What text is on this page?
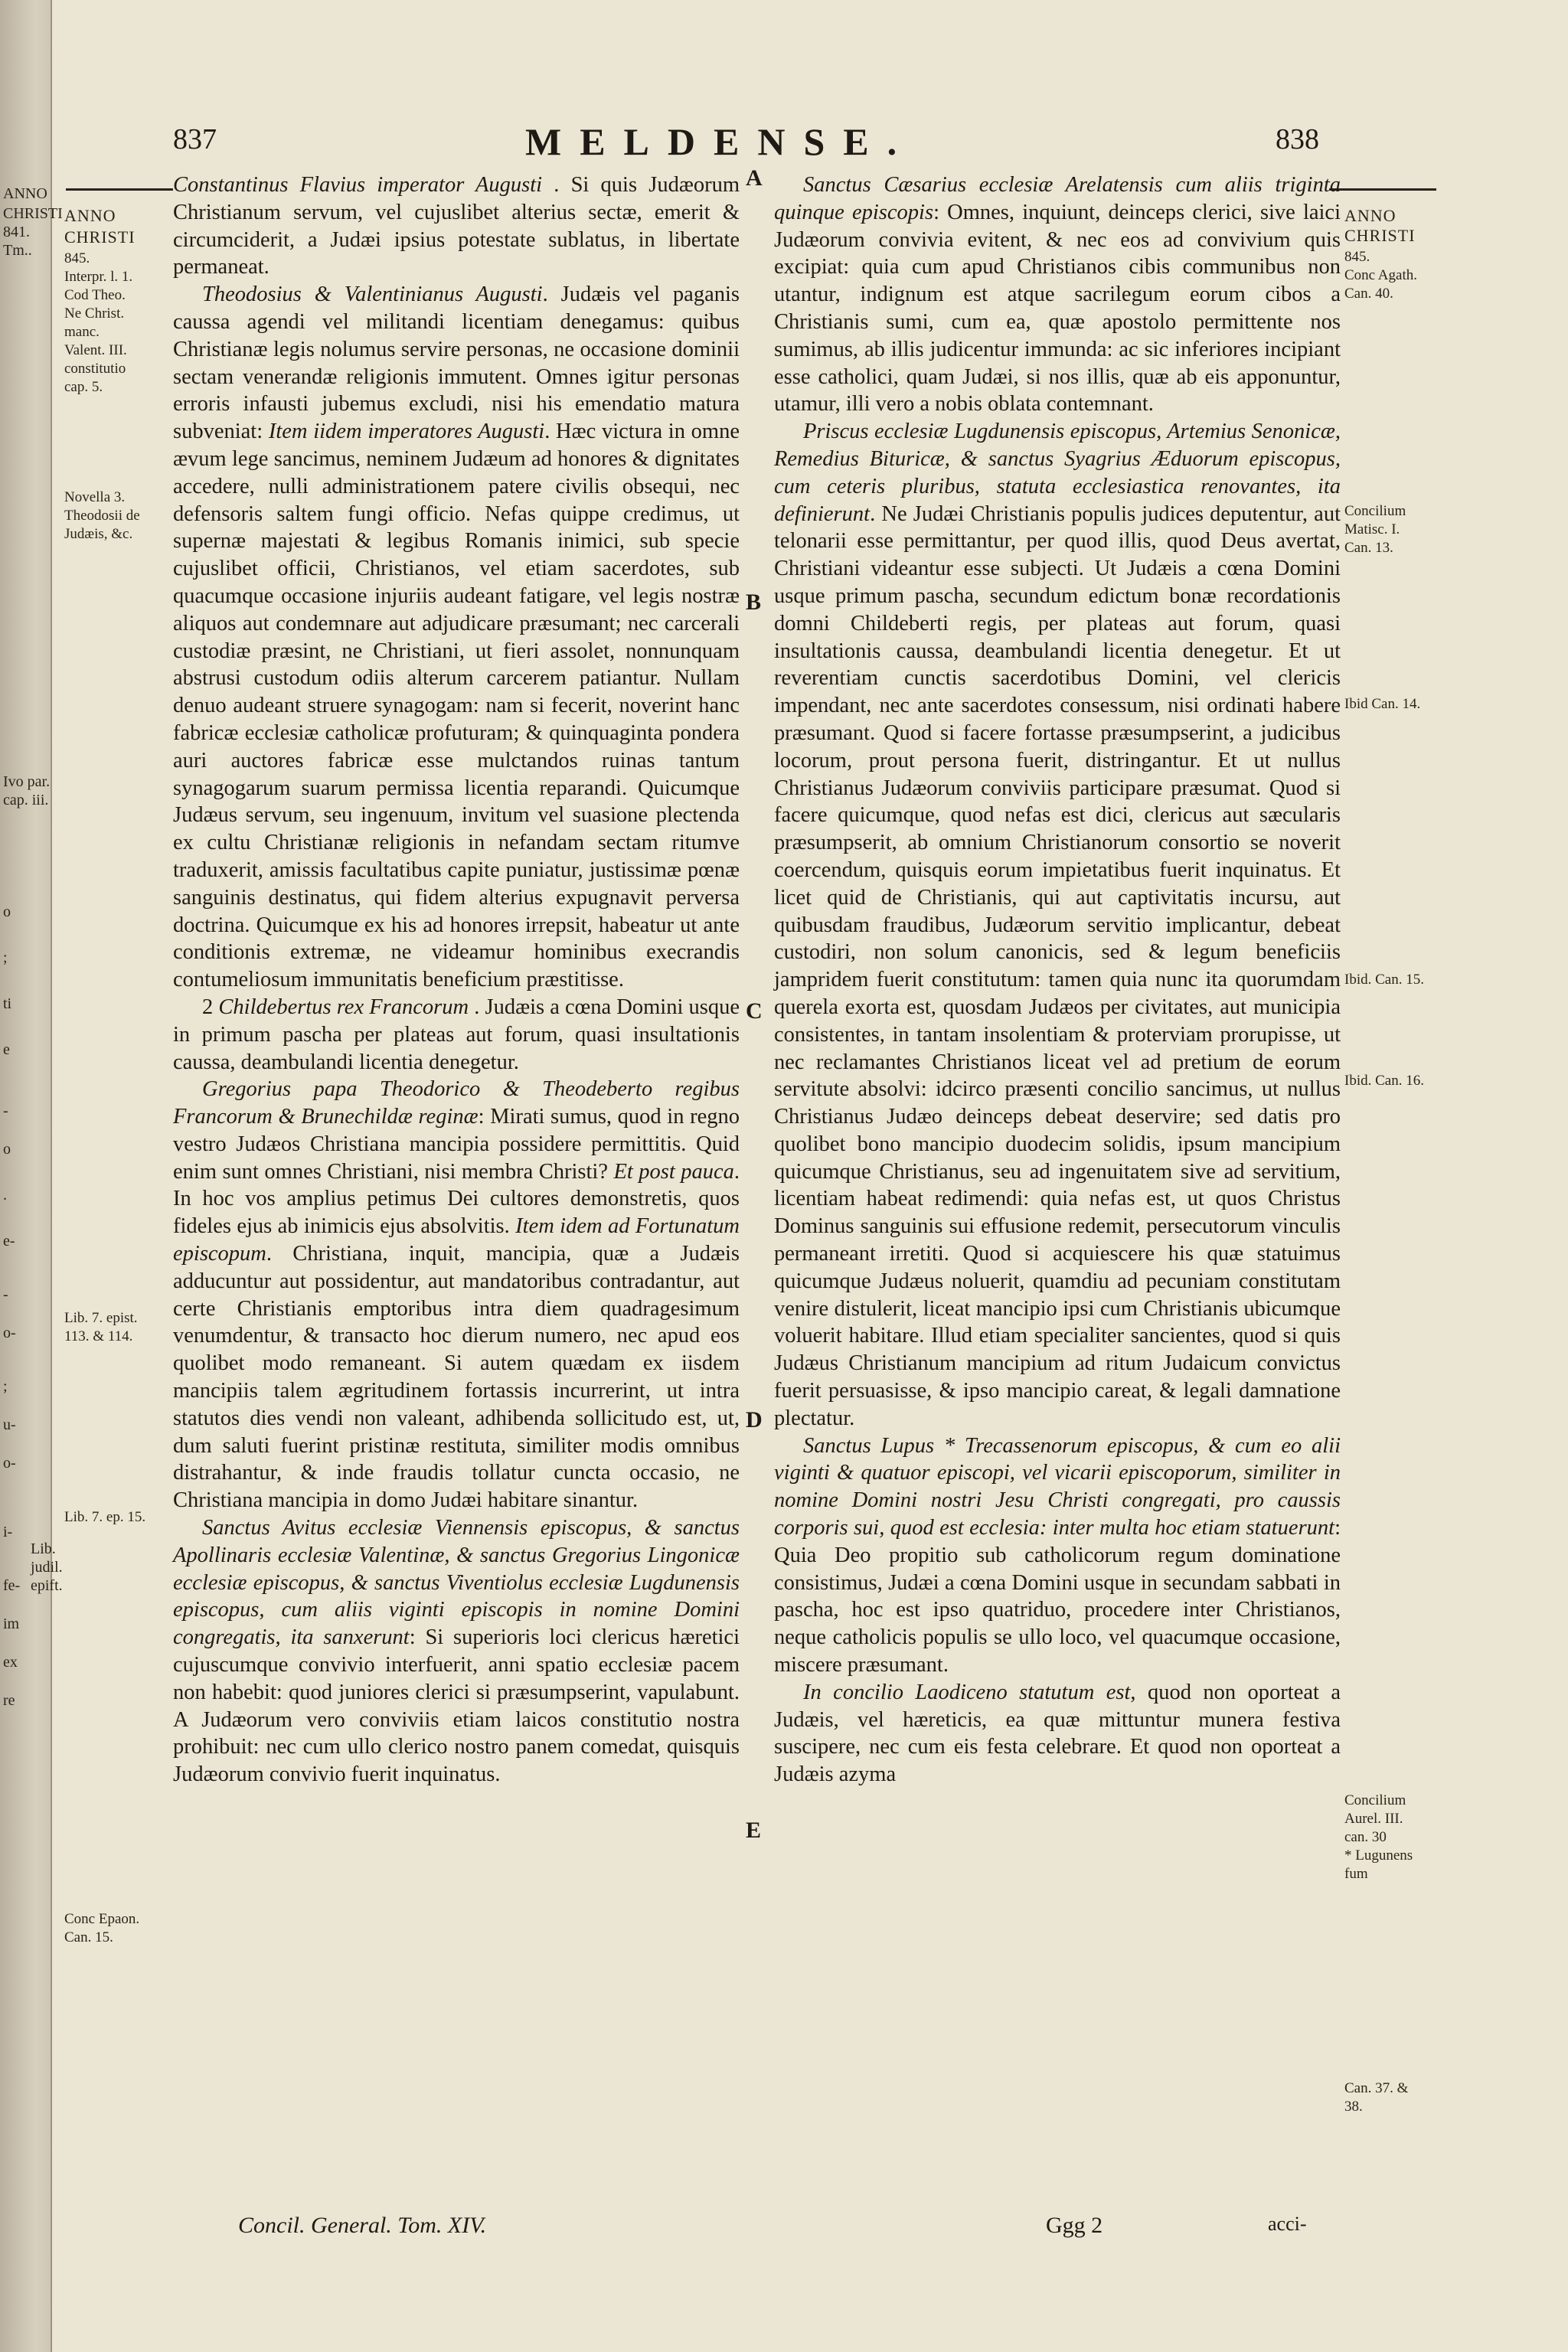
837	MELDENSE.	838
ANNO
CHRISTI
845.
Interpr. l. 1.
Cod Theo.
Ne Christ.
manc.
Valent. III.
constitutio
cap. 5.
Novella 3.
Theodosii de
Judæis, &c.
Lib. 7. epist.
113. & 114.
Lib. 7. ep. 15.
Conc Epaon.
Can. 15.
ANNO
CHRISTI
845.
Conc Agath.
Can. 40.
Concilium
Matisc. I.
Can. 13.
Ibid Can. 14.
Ibid. Can. 15.
Ibid. Can. 16.
Concilium
Aurel. III.
can. 30
* Lugunens
fum
Can. 37. &
38.

Constantinus Flavius imperator Augusti . Si quis Judæorum Christianum servum, vel cujuslibet alterius sectæ, emerit & circumciderit, a Judæi ipsius potestate sublatus, in libertate permaneat.

Theodosius & Valentinianus Augusti. Judæis vel paganis caussa agendi vel militandi licentiam denegamus: quibus Christianæ legis nolumus servire personas, ne occasione dominii sectam venerandæ religionis immutent. Omnes igitur personas erroris infausti jubemus excludi, nisi his emendatio matura subveniat: Item iidem imperatores Augusti. Hæc victura in omne ævum lege sancimus, neminem Judæum ad honores & dignitates accedere, nulli administrationem patere civilis obsequi, nec defensoris saltem fungi officio. Nefas quippe credimus, ut supernæ majestati & legibus Romanis inimici, sub specie cujuslibet officii, Christianos, vel etiam sacerdotes, sub quacumque occasione injuriis audeant fatigare, vel legis nostræ aliquos aut condemnare aut adjudicare præsumant; nec carcerali custodiæ præsint, ne Christiani, ut fieri assolet, nonnunquam abstrusi custodum odiis alterum carcerem patiantur. Nullam denuo audeant struere synagogam: nam si fecerit, noverint hanc fabricæ ecclesiæ catholicæ profuturam; & quinquaginta pondera auri auctores fabricæ esse mulctandos ruinas tantum synagogarum suarum permissa licentia reparandi. Quicumque Judæus servum, seu ingenuum, invitum vel suasione plectenda ex cultu Christianæ religionis in nefandam sectam ritumve traduxerit, amissis facultatibus capite puniatur, justissimæ pœnæ sanguinis destinatus, qui fidem alterius expugnavit perversa doctrina. Quicumque ex his ad honores irrepsit, habeatur ut ante conditionis extremæ, ne videamur hominibus execrandis contumeliosum immunitatis beneficium præstitisse.

2 Childebertus rex Francorum . Judæis a cœna Domini usque in primum pascha per plateas aut forum, quasi insultationis caussa, deambulandi licentia denegetur.

Gregorius papa Theodorico & Theodeberto regibus Francorum & Brunechildæ reginæ: Mirati sumus, quod in regno vestro Judæos Christiana mancipia possidere permittitis. Quid enim sunt omnes Christiani, nisi membra Christi? Et post pauca. In hoc vos amplius petimus Dei cultores demonstretis, quos fideles ejus ab inimicis ejus absolvitis. Item idem ad Fortunatum episcopum. Christiana, inquit, mancipia, quæ a Judæis adducuntur aut possidentur, aut mandatoribus contradantur, aut certe Christianis emptoribus intra diem quadragesimum venumdentur, & transacto hoc dierum numero, nec apud eos quolibet modo remaneant. Si autem quædam ex iisdem mancipiis talem ægritudinem fortassis incurrerint, ut intra statutos dies vendi non valeant, adhibenda sollicitudo est, ut, dum saluti fuerint pristinæ restituta, similiter modis omnibus distrahantur, & inde fraudis tollatur cuncta occasio, ne Christiana mancipia in domo Judæi habitare sinantur.

Sanctus Avitus ecclesiæ Viennensis episcopus, & sanctus Apollinaris ecclesiæ Valentinæ, & sanctus Gregorius Lingonicæ ecclesiæ episcopus, & sanctus Viventiolus ecclesiæ Lugdunensis episcopus, cum aliis viginti episcopis in nomine Domini congregatis, ita sanxerunt: Si superioris loci clericus hæretici cujuscumque convivio interfuerit, anni spatio ecclesiæ pacem non habebit: quod juniores clerici si præsumpserint, vapulabunt. A Judæorum vero conviviis etiam laicos constitutio nostra prohibuit: nec cum ullo clerico nostro panem comedat, quisquis Judæorum convivio fuerit inquinatus.

Sanctus Cæsarius ecclesiæ Arelatensis cum aliis triginta quinque episcopis: Omnes, inquiunt, deinceps clerici, sive laici Judæorum convivia evitent, & nec eos ad convivium quis excipiat: quia cum apud Christianos cibis communibus non utantur, indignum est atque sacrilegum eorum cibos a Christianis sumi, cum ea, quæ apostolo permittente nos sumimus, ab illis judicentur immunda: ac sic inferiores incipiant esse catholici, quam Judæi, si nos illis, quæ ab eis apponuntur, utamur, illi vero a nobis oblata contemnant.

Priscus ecclesiæ Lugdunensis episcopus, Artemius Senonicæ, Remedius Bituricæ, & sanctus Syagrius Æduorum episcopus, cum ceteris pluribus, statuta ecclesiastica renovantes, ita definierunt. Ne Judæi Christianis populis judices deputentur, aut telonarii esse permittantur, per quod illis, quod Deus avertat, Christiani videantur esse subjecti. Ut Judæis a cœna Domini usque primum pascha, secundum edictum bonæ recordationis domni Childeberti regis, per plateas aut forum, quasi insultationis caussa, deambulandi licentia denegetur. Et ut reverentiam cunctis sacerdotibus Domini, vel clericis impendant, nec ante sacerdotes consessum, nisi ordinati habere præsumant. Quod si facere fortasse præsumpserint, a judicibus locorum, prout persona fuerit, distringantur. Et ut nullus Christianus Judæorum conviviis participare præsumat. Quod si facere quicumque, quod nefas est dici, clericus aut sæcularis præsumpserit, ab omnium Christianorum consortio se noverit coercendum, quisquis eorum impietatibus fuerit inquinatus. Et licet quid de Christianis, qui aut captivitatis incursu, aut quibusdam fraudibus, Judæorum servitio implicantur, debeat custodiri, non solum canonicis, sed & legum beneficiis jampridem fuerit constitutum: tamen quia nunc ita quorumdam querela exorta est, quosdam Judæos per civitates, aut municipia consistentes, in tantam insolentiam & proterviam prorupisse, ut nec reclamantes Christianos liceat vel ad pretium de eorum servitute absolvi: idcirco præsenti concilio sancimus, ut nullus Christianus Judæo deinceps debeat deservire; sed datis pro quolibet bono mancipio duodecim solidis, ipsum mancipium quicumque Christianus, seu ad ingenuitatem sive ad servitium, licentiam habeat redimendi: quia nefas est, ut quos Christus Dominus sanguinis sui effusione redemit, persecutorum vinculis permaneant irretiti. Quod si acquiescere his quæ statuimus quicumque Judæus noluerit, quamdiu ad pecuniam constitutam venire distulerit, liceat mancipio ipsi cum Christianis ubicumque voluerit habitare. Illud etiam specialiter sancientes, quod si quis Judæus Christianum mancipium ad ritum Judaicum convictus fuerit persuasisse, & ipso mancipio careat, & legali damnatione plectatur.

Sanctus Lupus * Trecassenorum episcopus, & cum eo alii viginti & quatuor episcopi, vel vicarii episcoporum, similiter in nomine Domini nostri Jesu Christi congregati, pro caussis corporis sui, quod est ecclesia: inter multa hoc etiam statuerunt: Quia Deo propitio sub catholicorum regum dominatione consistimus, Judæi a cœna Domini usque in secundam sabbati in pascha, hoc est ipso quatriduo, procedere inter Christianos, neque catholicis populis se ullo loco, vel quacumque occasione, miscere præsumant.

In concilio Laodiceno statutum est, quod non oporteat a Judæis, vel hæreticis, ea quæ mittuntur munera festiva suscipere, nec cum eis festa celebrare. Et quod non oporteat a Judæis azyma

A
B
C
D
E
Concil. General. Tom. XIV.	Ggg 2	acci-
ANNO
CHRISTI
841.
Tm..
Ivo par.
cap. iii.
o
;
ti
e
-
o
.
e-
-
o-
;
u-
o-
i-
fe-
im
ex
re
Lib.
judil.
epift.
